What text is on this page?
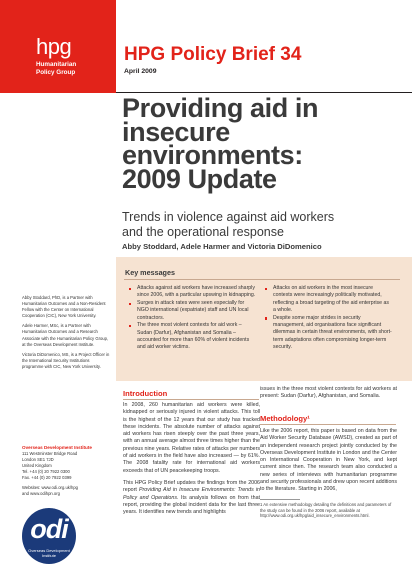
hpg
Humanitarian
Policy Group

Abby Stoddard, PhD, is a Partner with Humanitarian Outcomes and a Non-Resident Fellow with the Center on International Cooperation (CIC), New York University.

Adele Harmer, MSc, is a Partner with Humanitarian Outcomes and a Research Associate with the Humanitarian Policy Group, at the Overseas Development Institute.

Victoria DiDomenico, MS, is a Project Officer in the International Security Institutions programme with CIC, New York University.

Overseas Development Institute
111 Westminster Bridge Road
London SE1 7JD
United Kingdom
Tel. +44 (0) 20 7922 0300
Fax. +44 (0) 20 7922 0399
Websites: www.odi.org.uk/hpg
and www.odihpn.org
odi
Overseas Development Institute
HPG Policy Brief 34
April 2009
Providing aid in
insecure
environments:
2009 Update
Trends in violence against aid workers
and the operational response
Abby Stoddard, Adele Harmer and Victoria DiDomenico
Key messages
Attacks against aid workers have increased sharply since 2006, with a particular upswing in kidnapping.
Surges in attack rates were seen especially for NGO international (expatriate) staff and UN local contractors.
The three most violent contexts for aid work – Sudan (Darfur), Afghanistan and Somalia – accounted for more than 60% of violent incidents and aid worker victims.
Attacks on aid workers in the most insecure contexts were increasingly politically motivated, reflecting a broad targeting of the aid enterprise as a whole.
Despite some major strides in security management, aid organisations face significant dilemmas in certain threat environments, with short-term adaptations often compromising longer-term security.
Introduction

In 2008, 260 humanitarian aid workers were killed, kidnapped or seriously injured in violent attacks. This toll is the highest of the 12 years that our study has tracked these incidents. The absolute number of attacks against aid workers has risen steeply over the past three years, with an annual average almost three times higher than the previous nine years. Relative rates of attacks per numbers of aid workers in the field have also increased — by 61%. The 2008 fatality rate for international aid workers exceeds that of UN peacekeeping troops.

This HPG Policy Brief updates the findings from the 2006 report Providing Aid in Insecure Environments: Trends in Policy and Operations. Its analysis follows on from that report, providing the global incident data for the last three years. It identifies new trends and highlights

issues in the three most violent contexts for aid workers at present: Sudan (Darfur), Afghanistan, and Somalia.

Methodology¹

Like the 2006 report, this paper is based on data from the Aid Worker Security Database (AWSD), created as part of an independent research project jointly conducted by the Overseas Development Institute in London and the Center on International Cooperation in New York, and kept current since then. The research team also conducted a new series of interviews with humanitarian programme and security professionals and drew upon recent additions to the literature. Starting in 2006,

1 An extensive methodology detailing the definitions and parameters of the study can be found in the 2006 report, available at http://www.odi.org.uk/hpg/aid_insecure_environments.html.
